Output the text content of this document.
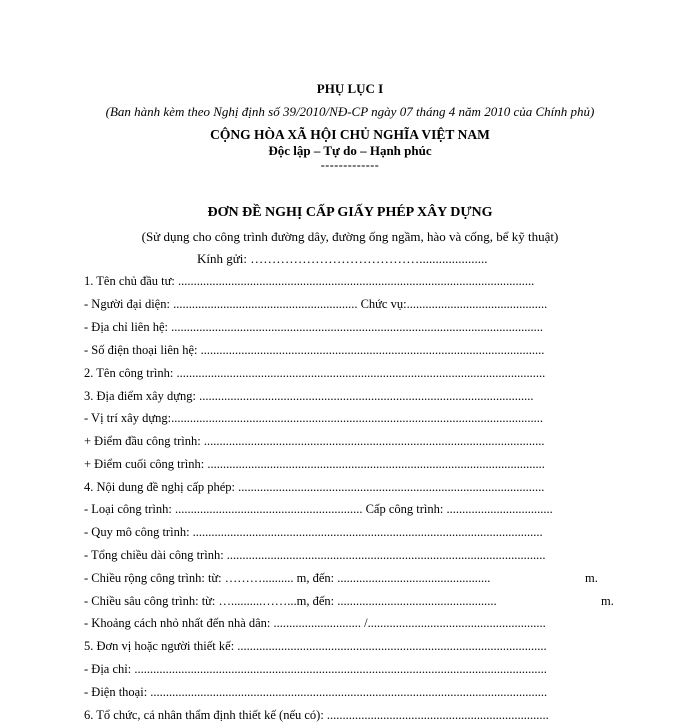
PHỤ LỤC I
(Ban hành kèm theo Nghị định số 39/2010/NĐ-CP ngày 07 tháng 4 năm 2010 của Chính phủ)
CỘNG HÒA XÃ HỘI CHỦ NGHĨA VIỆT NAM
Độc lập – Tự do – Hạnh phúc
-------------
ĐƠN ĐỀ NGHỊ CẤP GIẤY PHÉP XÂY DỰNG
(Sử dụng cho công trình đường dây, đường ống ngầm, hào và cống, bể kỹ thuật)
Kính gửi: ………………………………….....................
1. Tên chủ đầu tư: ..................................................................................................................
- Người đại diện: ........................................................... Chức vụ:.............................................
- Địa chỉ liên hệ: .......................................................................................................................
- Số điện thoại liên hệ: ..............................................................................................................
2. Tên công trình: ......................................................................................................................
3. Địa điểm xây dựng: ...........................................................................................................
- Vị trí xây dựng:.......................................................................................................................
+ Điểm đầu công trình: .............................................................................................................
+ Điểm cuối công trình: ............................................................................................................
4. Nội dung đề nghị cấp phép: ..................................................................................................
- Loại công trình: ............................................................ Cấp công trình: ..................................
- Quy mô công trình: ................................................................................................................
- Tổng chiều dài công trình: ......................................................................................................
- Chiều rộng công trình: từ: ……….......... m, đến: .................................................	m.
- Chiều sâu công trình: từ: …..........……...m, đến: ...................................................	m.
- Khoảng cách nhỏ nhất đến nhà dân: ............................ /.........................................................
5. Đơn vị hoặc người thiết kế: ...................................................................................................
- Địa chỉ: ....................................................................................................................................
- Điện thoại: ...............................................................................................................................
6. Tổ chức, cá nhân thẩm định thiết kế (nếu có): .......................................................................
